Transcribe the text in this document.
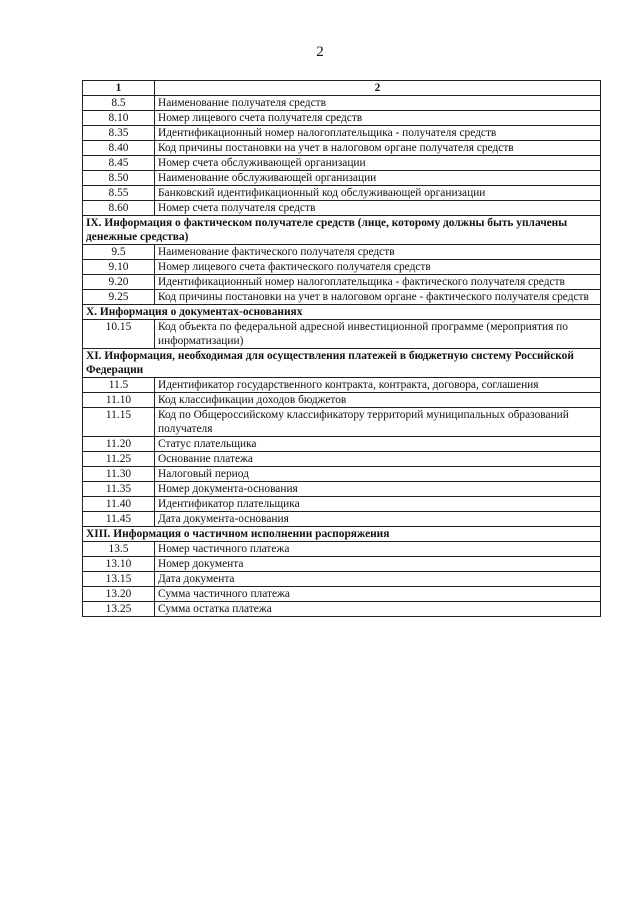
2
1	2
8.5	Наименование получателя средств
8.10	Номер лицевого счета получателя средств
8.35	Идентификационный номер налогоплательщика - получателя средств
8.40	Код причины постановки на учет в налоговом органе получателя средств
8.45	Номер счета обслуживающей организации
8.50	Наименование обслуживающей организации
8.55	Банковский идентификационный код обслуживающей организации
8.60	Номер счета получателя средств
IX. Информация о фактическом получателе средств (лице, которому должны быть уплачены денежные средства)	
9.5	Наименование фактического получателя средств
9.10	Номер лицевого счета фактического получателя средств
9.20	Идентификационный номер налогоплательщика - фактического получателя средств
9.25	Код причины постановки на учет в налоговом органе - фактического получателя средств
X. Информация о документах-основаниях	
10.15	Код объекта по федеральной адресной инвестиционной программе (мероприятия по информатизации)
XI. Информация, необходимая для осуществления платежей в бюджетную систему Российской Федерации	
11.5	Идентификатор государственного контракта, контракта, договора, соглашения
11.10	Код классификации доходов бюджетов
11.15	Код по Общероссийскому классификатору территорий муниципальных образований получателя
11.20	Статус плательщика
11.25	Основание платежа
11.30	Налоговый период
11.35	Номер документа-основания
11.40	Идентификатор плательщика
11.45	Дата документа-основания
XIII. Информация о частичном исполнении распоряжения	
13.5	Номер частичного платежа
13.10	Номер документа
13.15	Дата документа
13.20	Сумма частичного платежа
13.25	Сумма остатка платежа
